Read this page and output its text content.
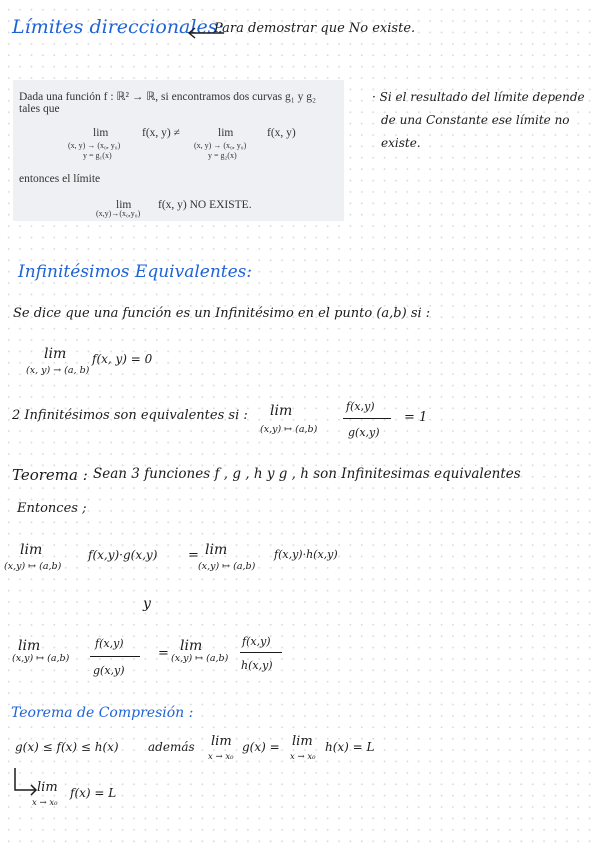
Límites direccionales:
Para demostrar que No existe.
Dada una función f : ℝ² → ℝ, si encontramos dos curvas g₁ y g₂
tales que
lim
(x, y) → (x₀, y₀)
y = g₁(x)
f(x, y) ≠	lim
(x, y) → (x₀, y₀)
y = g₂(x)
f(x, y)
entonces el límite
lim
(x,y)→(x₀,y₀)
f(x, y) NO EXISTE.
· Si el resultado del límite depende
de una Constante ese límite no
existe.
Infinitésimos Equivalentes:
Se dice que una función es un Infinitésimo en el punto (a,b) si :
lim
(x, y) → (a, b)
f(x, y) = 0
2 Infinitésimos son equivalentes si : lim
(x,y) ↦ (a,b)
f(x,y)
g(x,y)
= 1
Teorema : Sean 3 funciones f , g , h y g , h son Infinitesimas equivalentes
Entonces ;
lim
(x,y) ↦ (a,b)
f(x,y)·g(x,y) = lim
(x,y) ↦ (a,b)
f(x,y)·h(x,y)
y
lim
(x,y) ↦ (a,b)
f(x,y)
g(x,y)
= lim
(x,y) ↦ (a,b)
f(x,y)
h(x,y)
Teorema de Compresión :
g(x) ≤ f(x) ≤ h(x) además lim
x → x₀
g(x) = lim
x → x₀
h(x) = L
lim
x → x₀
f(x) = L
